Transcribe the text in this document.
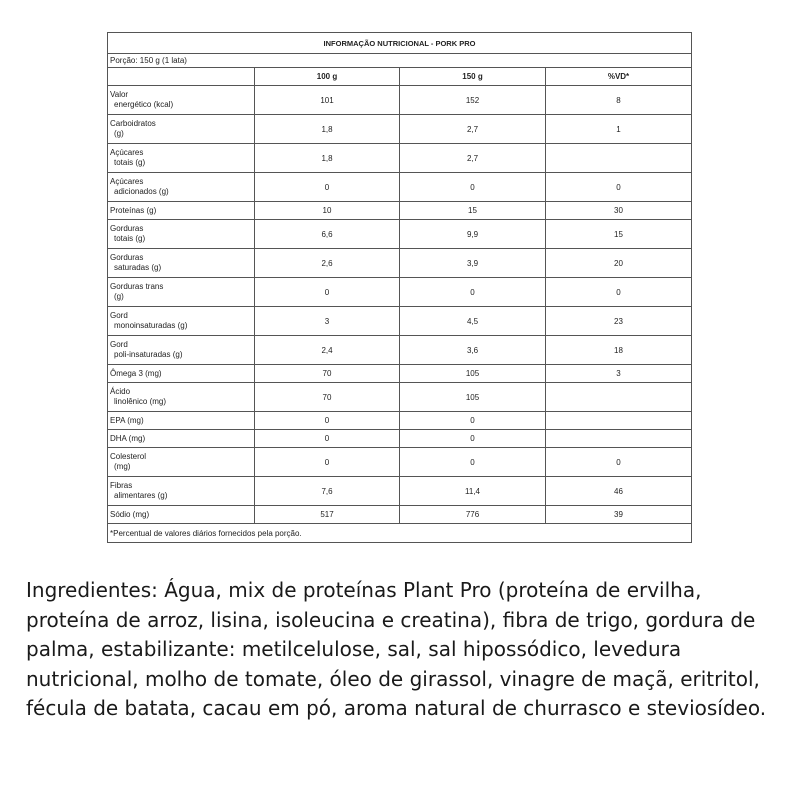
INFORMAÇÃO NUTRICIONAL - PORK PRO			
Porção: 150 g (1 lata)			
	100 g	150 g	%VD*

Valor
energético (kcal)	101	152	8

Carboidratos
(g)	1,8	2,7	1

Açúcares
totais (g)	1,8	2,7	

Açúcares
adicionados (g)	0	0	0

Proteínas (g)	10	15	30

Gorduras
totais (g)	6,6	9,9	15

Gorduras
saturadas (g)	2,6	3,9	20

Gorduras trans
(g)	0	0	0

Gord
monoinsaturadas (g)	3	4,5	23

Gord
poli-insaturadas (g)	2,4	3,6	18

Ômega 3 (mg)	70	105	3

Ácido
linolênico (mg)	70	105	

EPA (mg)	0	0	

DHA (mg)	0	0	

Colesterol
(mg)	0	0	0

Fibras
alimentares (g)	7,6	11,4	46

Sódio (mg)	517	776	39
*Percentual de valores diários fornecidos pela porção.			

Ingredientes: Água, mix de proteínas Plant Pro (proteína de ervilha, proteína de arroz, lisina, isoleucina e creatina), fibra de trigo, gordura de palma, estabilizante: metilcelulose, sal, sal hipossódico, levedura nutricional, molho de tomate, óleo de girassol, vinagre de maçã, eritritol, fécula de batata, cacau em pó, aroma natural de churrasco e steviosídeo.
